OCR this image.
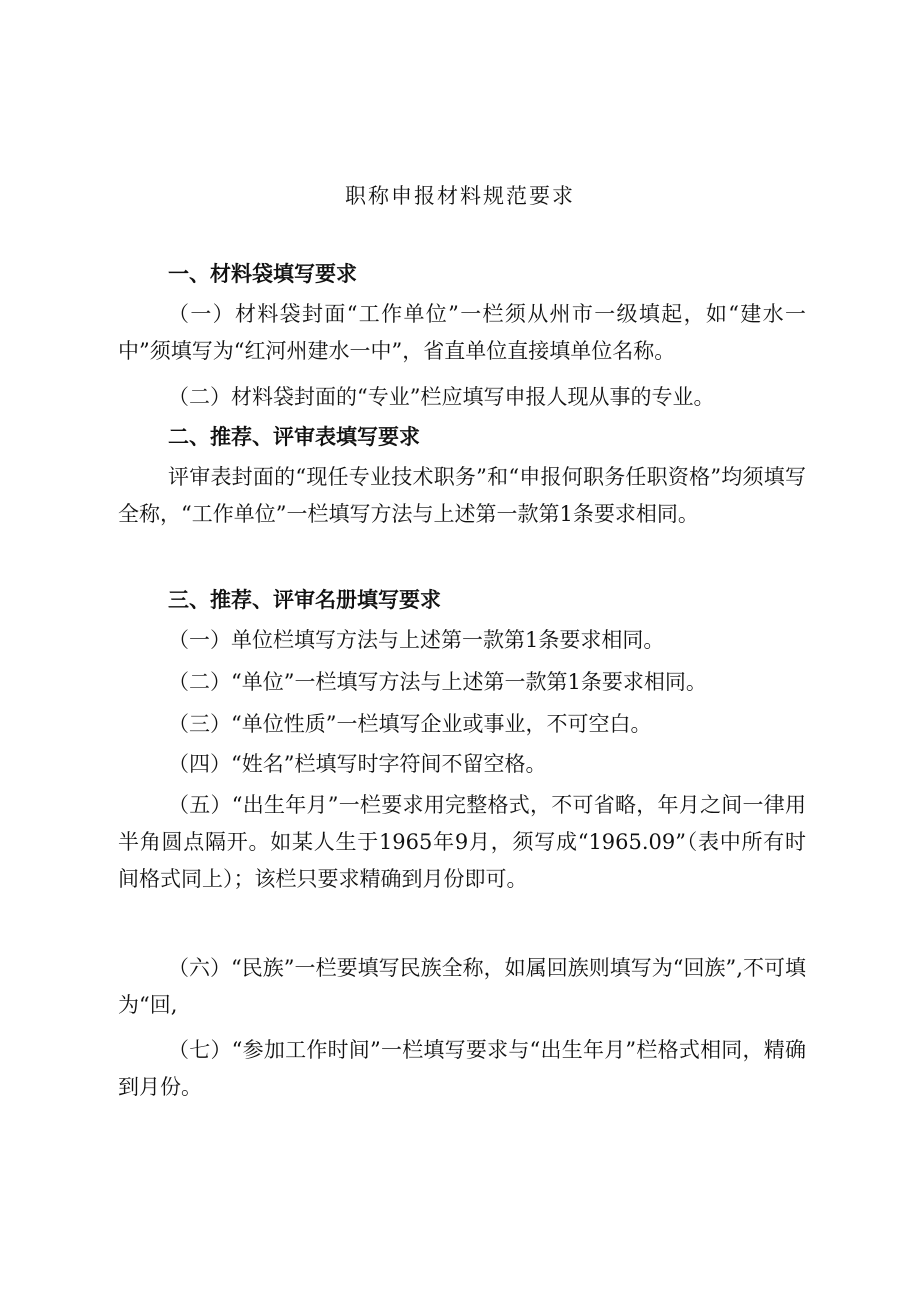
职称申报材料规范要求
一、材料袋填写要求

（一）材料袋封面“工作单位”一栏须从州市一级填起，如“建水一中”须填写为“红河州建水一中”，省直单位直接填单位名称。

（二）材料袋封面的“专业”栏应填写申报人现从事的专业。

二、推荐、评审表填写要求

评审表封面的“现任专业技术职务”和“申报何职务任职资格”均须填写全称，“工作单位”一栏填写方法与上述第一款第1条要求相同。

三、推荐、评审名册填写要求

（一）单位栏填写方法与上述第一款第1条要求相同。

（二）“单位”一栏填写方法与上述第一款第1条要求相同。

（三）“单位性质”一栏填写企业或事业，不可空白。

（四）“姓名”栏填写时字符间不留空格。

（五）“出生年月”一栏要求用完整格式，不可省略，年月之间一律用半角圆点隔开。如某人生于1965年9月，须写成“1965.09”（表中所有时间格式同上）；该栏只要求精确到月份即可。

（六）“民族”一栏要填写民族全称，如属回族则填写为“回族”,不可填为“回,

（七）“参加工作时间”一栏填写要求与“出生年月”栏格式相同，精确到月份。
